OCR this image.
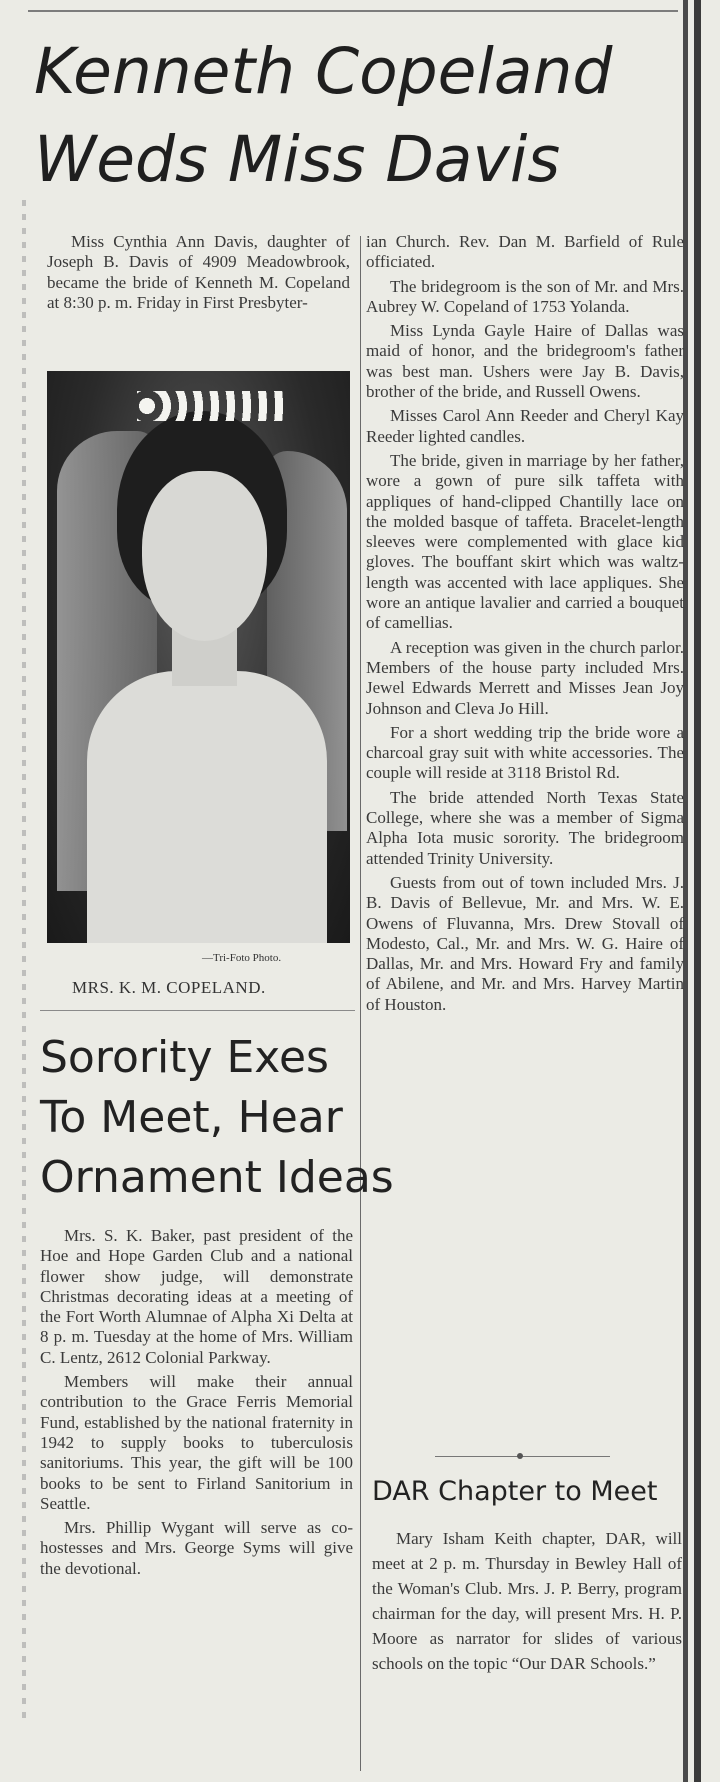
Kenneth Copeland
Weds Miss Davis

Miss Cynthia Ann Davis, daughter of Joseph B. Davis of 4909 Meadowbrook, became the bride of Kenneth M. Copeland at 8:30 p. m. Friday in First Presbyter-

—Tri-Foto Photo.
MRS. K. M. COPELAND.

ian Church. Rev. Dan M. Barfield of Rule officiated.

The bridegroom is the son of Mr. and Mrs. Aubrey W. Copeland of 1753 Yolanda.

Miss Lynda Gayle Haire of Dallas was maid of honor, and the bridegroom's father was best man. Ushers were Jay B. Davis, brother of the bride, and Russell Owens.

Misses Carol Ann Reeder and Cheryl Kay Reeder lighted candles.

The bride, given in marriage by her father, wore a gown of pure silk taffeta with appliques of hand-clipped Chantilly lace on the molded basque of taffeta. Bracelet-length sleeves were complemented with glace kid gloves. The bouffant skirt which was waltz-length was accented with lace appliques. She wore an antique lavalier and carried a bouquet of camellias.

A reception was given in the church parlor. Members of the house party included Mrs. Jewel Edwards Merrett and Misses Jean Joy Johnson and Cleva Jo Hill.

For a short wedding trip the bride wore a charcoal gray suit with white accessories. The couple will reside at 3118 Bristol Rd.

The bride attended North Texas State College, where she was a member of Sigma Alpha Iota music sorority. The bridegroom attended Trinity University.

Guests from out of town included Mrs. J. B. Davis of Bellevue, Mr. and Mrs. W. E. Owens of Fluvanna, Mrs. Drew Stovall of Modesto, Cal., Mr. and Mrs. W. G. Haire of Dallas, Mr. and Mrs. Howard Fry and family of Abilene, and Mr. and Mrs. Harvey Martin of Houston.

Sorority Exes
To Meet, Hear
Ornament Ideas

Mrs. S. K. Baker, past president of the Hoe and Hope Garden Club and a national flower show judge, will demonstrate Christmas decorating ideas at a meeting of the Fort Worth Alumnae of Alpha Xi Delta at 8 p. m. Tuesday at the home of Mrs. William C. Lentz, 2612 Colonial Parkway.

Members will make their annual contribution to the Grace Ferris Memorial Fund, established by the national fraternity in 1942 to supply books to tuberculosis sanitoriums. This year, the gift will be 100 books to be sent to Firland Sanitorium in Seattle.

Mrs. Phillip Wygant will serve as co-hostesses and Mrs. George Syms will give the devotional.

DAR Chapter to Meet

Mary Isham Keith chapter, DAR, will meet at 2 p. m. Thursday in Bewley Hall of the Woman's Club. Mrs. J. P. Berry, program chairman for the day, will present Mrs. H. P. Moore as narrator for slides of various schools on the topic “Our DAR Schools.”
